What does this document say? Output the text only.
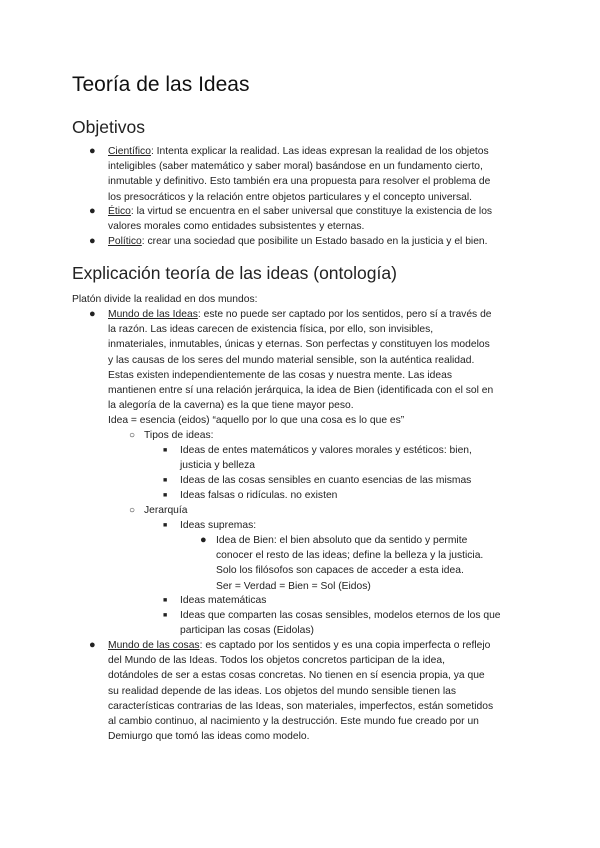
Teoría de las Ideas
Objetivos
● Científico: Intenta explicar la realidad. Las ideas expresan la realidad de los objetos
inteligibles (saber matemático y saber moral) basándose en un fundamento cierto,
inmutable y definitivo. Esto también era una propuesta para resolver el problema de
los presocráticos y la relación entre objetos particulares y el concepto universal.
● Ético: la virtud se encuentra en el saber universal que constituye la existencia de los
valores morales como entidades subsistentes y eternas.
● Político: crear una sociedad que posibilite un Estado basado en la justicia y el bien.
Explicación teoría de las ideas (ontología)
Platón divide la realidad en dos mundos:
● Mundo de las Ideas: este no puede ser captado por los sentidos, pero sí a través de
la razón. Las ideas carecen de existencia física, por ello, son invisibles,
inmateriales, inmutables, únicas y eternas. Son perfectas y constituyen los modelos
y las causas de los seres del mundo material sensible, son la auténtica realidad.
Estas existen independientemente de las cosas y nuestra mente. Las ideas
mantienen entre sí una relación jerárquica, la idea de Bien (identificada con el sol en
la alegoría de la caverna) es la que tiene mayor peso.
Idea = esencia (eidos) “aquello por lo que una cosa es lo que es”
○ Tipos de ideas:
■ Ideas de entes matemáticos y valores morales y estéticos: bien,
justicia y belleza
■ Ideas de las cosas sensibles en cuanto esencias de las mismas
■ Ideas falsas o ridículas. no existen
○ Jerarquía
■ Ideas supremas:
● Idea de Bien: el bien absoluto que da sentido y permite
conocer el resto de las ideas; define la belleza y la justicia.
Solo los filósofos son capaces de acceder a esta idea.
Ser = Verdad = Bien = Sol (Eidos)
■ Ideas matemáticas
■ Ideas que comparten las cosas sensibles, modelos eternos de los que
participan las cosas (Eidolas)
● Mundo de las cosas: es captado por los sentidos y es una copia imperfecta o reflejo
del Mundo de las Ideas. Todos los objetos concretos participan de la idea,
dotándoles de ser a estas cosas concretas. No tienen en sí esencia propia, ya que
su realidad depende de las ideas. Los objetos del mundo sensible tienen las
características contrarias de las Ideas, son materiales, imperfectos, están sometidos
al cambio continuo, al nacimiento y la destrucción. Este mundo fue creado por un
Demiurgo que tomó las ideas como modelo.
